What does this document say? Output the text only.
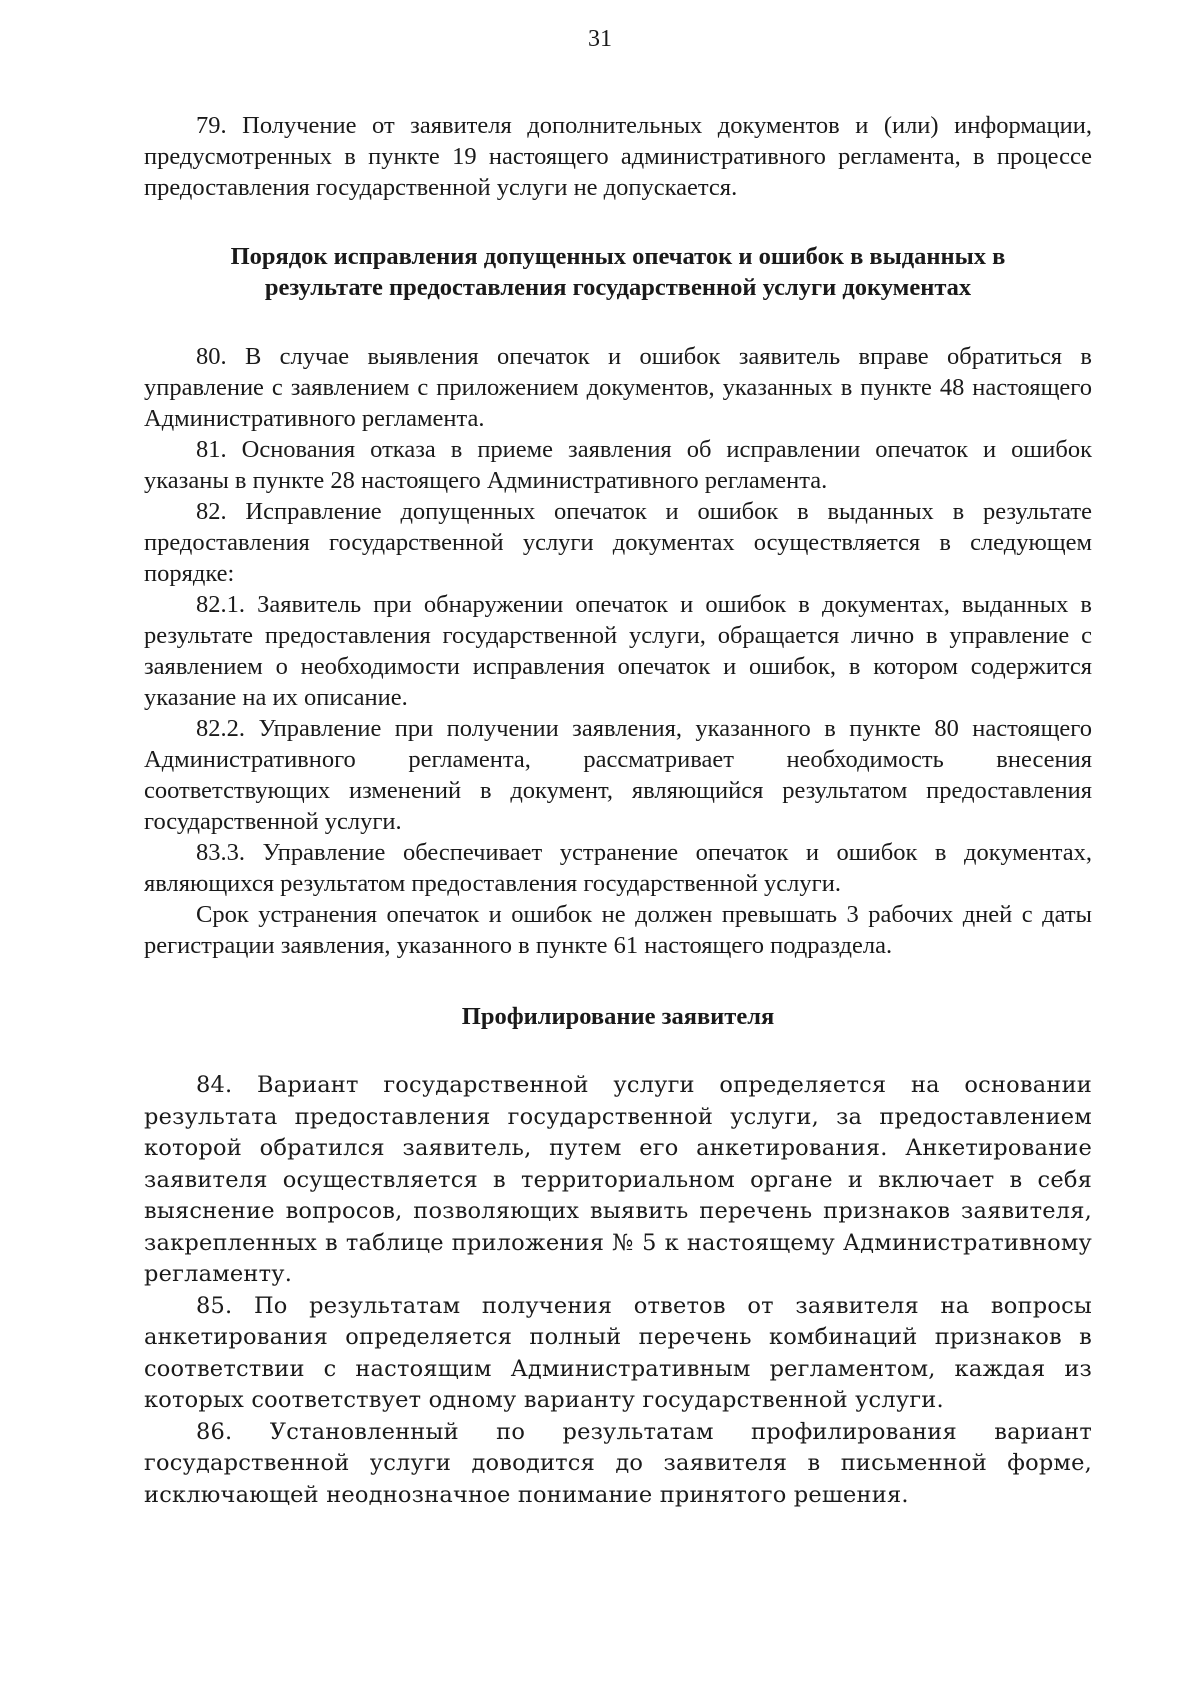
31

79. Получение от заявителя дополнительных документов и (или) информации, предусмотренных в пункте 19 настоящего административного регламента, в процессе предоставления государственной услуги не допускается.

Порядок исправления допущенных опечаток и ошибок в выданных в результате предоставления государственной услуги документах

80. В случае выявления опечаток и ошибок заявитель вправе обратиться в управление с заявлением с приложением документов, указанных в пункте 48 настоящего Административного регламента.

81. Основания отказа в приеме заявления об исправлении опечаток и ошибок указаны в пункте 28 настоящего Административного регламента.

82. Исправление допущенных опечаток и ошибок в выданных в результате предоставления государственной услуги документах осуществляется в следующем порядке:

82.1. Заявитель при обнаружении опечаток и ошибок в документах, выданных в результате предоставления государственной услуги, обращается лично в управление с заявлением о необходимости исправления опечаток и ошибок, в котором содержится указание на их описание.

82.2. Управление при получении заявления, указанного в пункте 80 настоящего Административного регламента, рассматривает необходимость внесения соответствующих изменений в документ, являющийся результатом предоставления государственной услуги.

83.3. Управление обеспечивает устранение опечаток и ошибок в документах, являющихся результатом предоставления государственной услуги.

Срок устранения опечаток и ошибок не должен превышать 3 рабочих дней с даты регистрации заявления, указанного в пункте 61 настоящего подраздела.

Профилирование заявителя

84. Вариант государственной услуги определяется на основании результата предоставления государственной услуги, за предоставлением которой обратился заявитель, путем его анкетирования. Анкетирование заявителя осуществляется в территориальном органе и включает в себя выяснение вопросов, позволяющих выявить перечень признаков заявителя, закрепленных в таблице приложения № 5 к настоящему Административному регламенту.

85. По результатам получения ответов от заявителя на вопросы анкетирования определяется полный перечень комбинаций признаков в соответствии с настоящим Административным регламентом, каждая из которых соответствует одному варианту государственной услуги.

86. Установленный по результатам профилирования вариант государственной услуги доводится до заявителя в письменной форме, исключающей неоднозначное понимание принятого решения.
